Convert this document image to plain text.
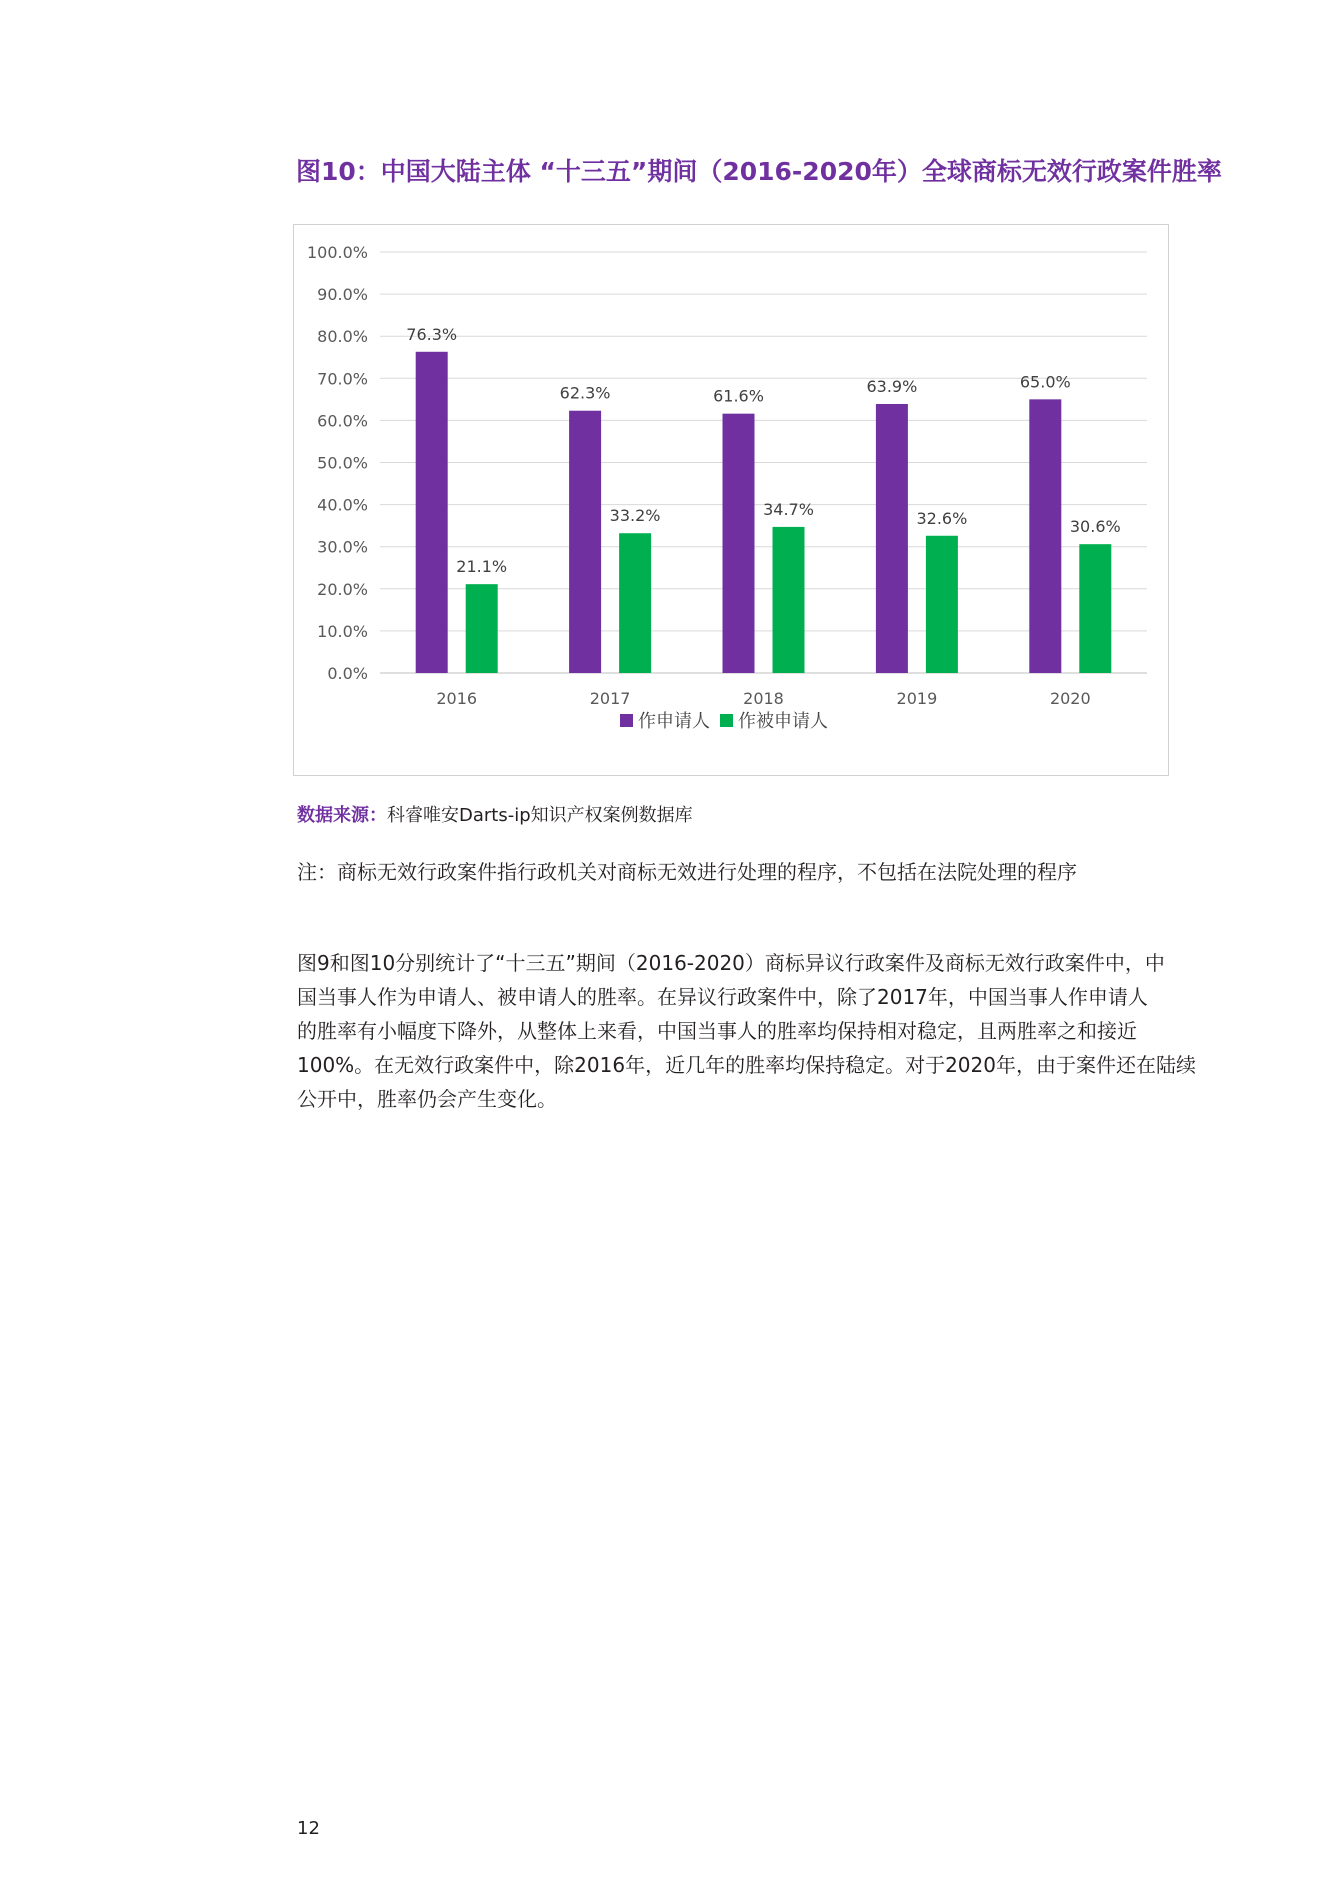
图10：中国大陆主体 “十三五”期间（2016-2020年）全球商标无效行政案件胜率
0.0%
10.0%
20.0%
30.0%
40.0%
50.0%
60.0%
70.0%
80.0%
90.0%
100.0%
76.3%
21.1%
2016
62.3%
33.2%
2017
61.6%
34.7%
2018
63.9%
32.6%
2019
65.0%
30.6%
2020
作申请人 作被申请人
数据来源：科睿唯安Darts-ip知识产权案例数据库
注：商标无效行政案件指行政机关对商标无效进行处理的程序，不包括在法院处理的程序

图9和图10分别统计了“十三五”期间（2016-2020）商标异议行政案件及商标无效行政案件中，中

国当事人作为申请人、被申请人的胜率。在异议行政案件中，除了2017年，中国当事人作申请人

的胜率有小幅度下降外，从整体上来看，中国当事人的胜率均保持相对稳定，且两胜率之和接近

100%。在无效行政案件中，除2016年，近几年的胜率均保持稳定。对于2020年，由于案件还在陆续

公开中，胜率仍会产生变化。

12
